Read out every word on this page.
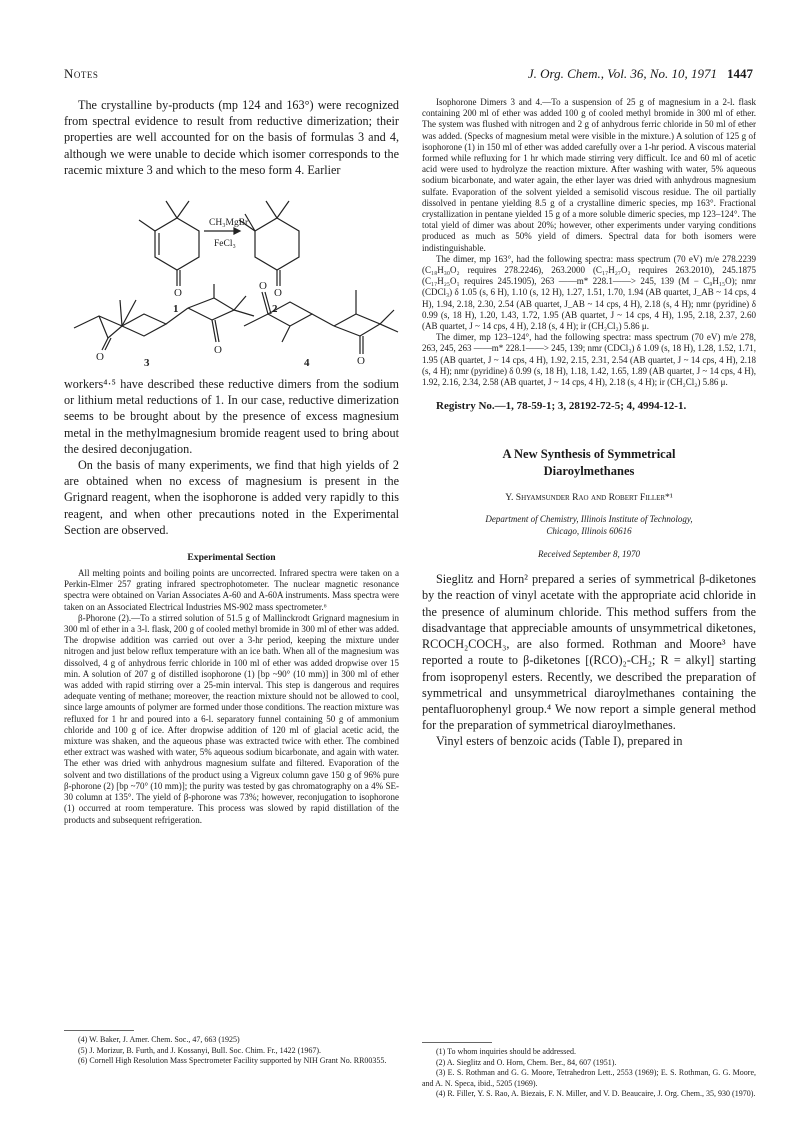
Notes	J. Org. Chem., Vol. 36, No. 10, 1971 1447

The crystalline by-products (mp 124 and 163°) were recognized from spectral evidence to result from reductive dimerization; their properties are well accounted for on the basis of formulas 3 and 4, although we were unable to decide which isomer corresponds to the racemic mixture 3 and which to the meso form 4. Earlier

CH₃MgBr
FeCl₃
O	O
O
O
O
O
1	2
3	4

workers⁴·⁵ have described these reductive dimers from the sodium or lithium metal reductions of 1. In our case, reductive dimerization seems to be brought about by the presence of excess magnesium metal in the methylmagnesium bromide reagent used to bring about the desired deconjugation.

On the basis of many experiments, we find that high yields of 2 are obtained when no excess of magnesium is present in the Grignard reagent, when the isophorone is added very rapidly to this reagent, and when other precautions noted in the Experimental Section are observed.

Experimental Section

All melting points and boiling points are uncorrected. Infrared spectra were taken on a Perkin-Elmer 257 grating infrared spectrophotometer. The nuclear magnetic resonance spectra were obtained on Varian Associates A-60 and A-60A instruments. Mass spectra were taken on an Associated Electrical Industries MS-902 mass spectrometer.⁶

β-Phorone (2).—To a stirred solution of 51.5 g of Mallinckrodt Grignard magnesium in 300 ml of ether in a 3-l. flask, 200 g of cooled methyl bromide in 300 ml of ether was added. The dropwise addition was carried out over a 3-hr period, keeping the mixture under nitrogen and just below reflux temperature with an ice bath. When all of the magnesium was dissolved, 4 g of anhydrous ferric chloride in 100 ml of ether was added dropwise over 15 min. A solution of 207 g of distilled isophorone (1) [bp ~90° (10 mm)] in 300 ml of ether was added with rapid stirring over a 25-min interval. This step is dangerous and requires adequate venting of methane; moreover, the reaction mixture should not be allowed to cool, since large amounts of polymer are formed under those conditions. The reaction mixture was refluxed for 1 hr and poured into a 6-l. separatory funnel containing 50 g of ammonium chloride and 100 g of ice. After dropwise addition of 120 ml of glacial acetic acid, the mixture was shaken, and the aqueous phase was extracted twice with ether. The combined ether extract was washed with water, 5% aqueous sodium bicarbonate, and again with water. The ether was dried with anhydrous magnesium sulfate and filtered. Evaporation of the solvent and two distillations of the product using a Vigreux column gave 150 g of 96% pure β-phorone (2) [bp ~70° (10 mm)]; the purity was tested by gas chromatography on a 4% SE-30 column at 135°. The yield of β-phorone was 73%; however, reconjugation to isophorone (1) occurred at room temperature. This process was slowed by rapid distillation of the products and subsequent refrigeration.

(4) W. Baker, J. Amer. Chem. Soc., 47, 663 (1925)

(5) J. Morizur, B. Furth, and J. Kossanyi, Bull. Soc. Chim. Fr., 1422 (1967).

(6) Cornell High Resolution Mass Spectrometer Facility supported by NIH Grant No. RR00355.

Isophorone Dimers 3 and 4.—To a suspension of 25 g of magnesium in a 2-l. flask containing 200 ml of ether was added 100 g of cooled methyl bromide in 300 ml of ether. The system was flushed with nitrogen and 2 g of anhydrous ferric chloride in 50 ml of ether was added. (Specks of magnesium metal were visible in the mixture.) A solution of 125 g of isophorone (1) in 150 ml of ether was added carefully over a 1-hr period. A viscous material formed while refluxing for 1 hr which made stirring very difficult. Ice and 60 ml of acetic acid were used to hydrolyze the reaction mixture. After washing with water, 5% aqueous sodium bicarbonate, and water again, the ether layer was dried with anhydrous magnesium sulfate. Evaporation of the solvent yielded a semisolid viscous residue. The oil partially dissolved in pentane yielding 8.5 g of a crystalline dimeric species, mp 163°. Fractional crystallization in pentane yielded 15 g of a more soluble dimeric species, mp 123–124°. The total yield of dimer was about 20%; however, other experiments under varying conditions produced as much as 50% yield of dimers. Spectral data for both isomers were indistinguishable.

The dimer, mp 163°, had the following spectra: mass spectrum (70 eV) m/e 278.2239 (C₁₈H₃₀O₂ requires 278.2246), 263.2000 (C₁₇H₂₇O₂ requires 263.2010), 245.1875 (C₁₇H₂₅O₁ requires 245.1905), 263 ——m* 228.1——> 245, 139 (M − C₉H₁₅O); nmr (CDCl₃) δ 1.05 (s, 6 H), 1.10 (s, 12 H), 1.27, 1.51, 1.70, 1.94 (AB quartet, J_AB ~ 14 cps, 4 H), 1.94, 2.18, 2.30, 2.54 (AB quartet, J_AB ~ 14 cps, 4 H), 2.18 (s, 4 H); nmr (pyridine) δ 0.99 (s, 18 H), 1.20, 1.43, 1.72, 1.95 (AB quartet, J ~ 14 cps, 4 H), 1.95, 2.18, 2.37, 2.60 (AB quartet, J ~ 14 cps, 4 H), 2.18 (s, 4 H); ir (CH₂Cl₂) 5.86 μ.

The dimer, mp 123–124°, had the following spectra: mass spectrum (70 eV) m/e 278, 263, 245, 263 ——m* 228.1——> 245, 139; nmr (CDCl₃) δ 1.09 (s, 18 H), 1.28, 1.52, 1.71, 1.95 (AB quartet, J ~ 14 cps, 4 H), 1.92, 2.15, 2.31, 2.54 (AB quartet, J ~ 14 cps, 4 H), 2.18 (s, 4 H); nmr (pyridine) δ 0.99 (s, 18 H), 1.18, 1.42, 1.65, 1.89 (AB quartet, J ~ 14 cps, 4 H), 1.92, 2.16, 2.34, 2.58 (AB quartet, J ~ 14 cps, 4 H), 2.18 (s, 4 H); ir (CH₂Cl₂) 5.86 μ.

Registry No.—1, 78-59-1; 3, 28192-72-5; 4, 4994-12-1.

A New Synthesis of Symmetrical
Diaroylmethanes
Y. Shyamsunder Rao and Robert Filler*¹
Department of Chemistry, Illinois Institute of Technology,
Chicago, Illinois 60616
Received September 8, 1970

Sieglitz and Horn² prepared a series of symmetrical β-diketones by the reaction of vinyl acetate with the appropriate acid chloride in the presence of aluminum chloride. This method suffers from the disadvantage that appreciable amounts of unsymmetrical diketones, RCOCH₂COCH₃, are also formed. Rothman and Moore³ have reported a route to β-diketones [(RCO)₂-CH₂; R = alkyl] starting from isopropenyl esters. Recently, we described the preparation of symmetrical and unsymmetrical diaroylmethanes containing the pentafluorophenyl group.⁴ We now report a simple general method for the preparation of symmetrical diaroylmethanes.

Vinyl esters of benzoic acids (Table I), prepared in

(1) To whom inquiries should be addressed.

(2) A. Sieglitz and O. Horn, Chem. Ber., 84, 607 (1951).

(3) E. S. Rothman and G. G. Moore, Tetrahedron Lett., 2553 (1969); E. S. Rothman, G. G. Moore, and A. N. Speca, ibid., 5205 (1969).

(4) R. Filler, Y. S. Rao, A. Biezais, F. N. Miller, and V. D. Beaucaire, J. Org. Chem., 35, 930 (1970).
